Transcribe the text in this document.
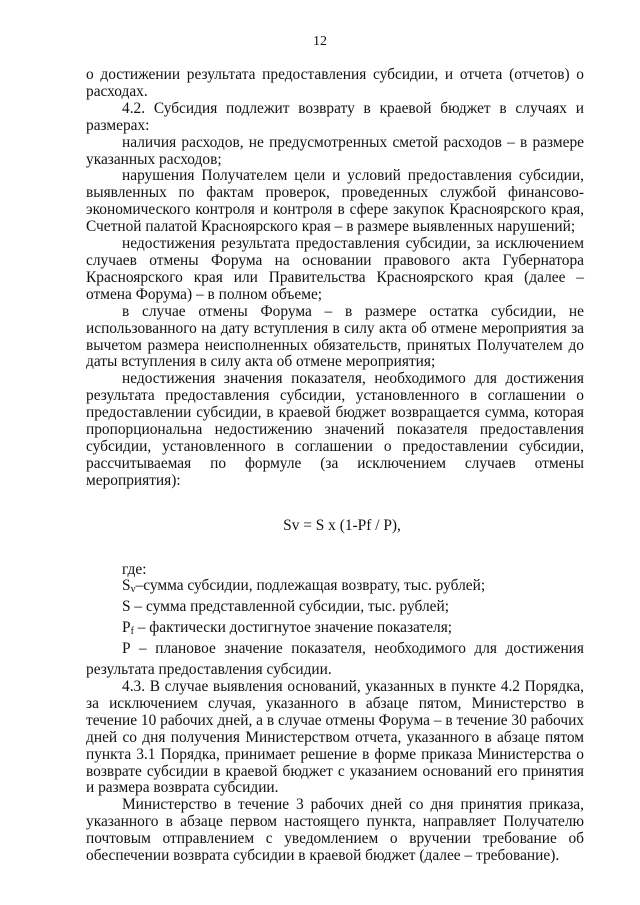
12

о достижении результата предоставления субсидии, и отчета (отчетов) о расходах.

4.2. Субсидия подлежит возврату в краевой бюджет в случаях и размерах:

наличия расходов, не предусмотренных сметой расходов – в размере указанных расходов;

нарушения Получателем цели и условий предоставления субсидии, выявленных по фактам проверок, проведенных службой финансово-экономического контроля и контроля в сфере закупок Красноярского края, Счетной палатой Красноярского края – в размере выявленных нарушений;

недостижения результата предоставления субсидии, за исключением случаев отмены Форума на основании правового акта Губернатора Красноярского края или Правительства Красноярского края (далее – отмена Форума) – в полном объеме;

в случае отмены Форума – в размере остатка субсидии, не использованного на дату вступления в силу акта об отмене мероприятия за вычетом размера неисполненных обязательств, принятых Получателем до даты вступления в силу акта об отмене мероприятия;

недостижения значения показателя, необходимого для достижения результата предоставления субсидии, установленного в соглашении о предоставлении субсидии, в краевой бюджет возвращается сумма, которая пропорциональна недостижению значений показателя предоставления субсидии, установленного в соглашении о предоставлении субсидии, рассчитываемая по формуле (за исключением случаев отмены мероприятия):

Sv = S x (1-Pf / P),

где:

$S_v$–сумма субсидии, подлежащая возврату, тыс. рублей;

S – сумма представленной субсидии, тыс. рублей;

$P_f$ – фактически достигнутое значение показателя;

P – плановое значение показателя, необходимого для достижения результата предоставления субсидии.

4.3. В случае выявления оснований, указанных в пункте 4.2 Порядка, за исключением случая, указанного в абзаце пятом, Министерство в течение 10 рабочих дней, а в случае отмены Форума – в течение 30 рабочих дней со дня получения Министерством отчета, указанного в абзаце пятом пункта 3.1 Порядка, принимает решение в форме приказа Министерства о возврате субсидии в краевой бюджет с указанием оснований его принятия и размера возврата субсидии.

Министерство в течение 3 рабочих дней со дня принятия приказа, указанного в абзаце первом настоящего пункта, направляет Получателю почтовым отправлением с уведомлением о вручении требование об обеспечении возврата субсидии в краевой бюджет (далее – требование).
